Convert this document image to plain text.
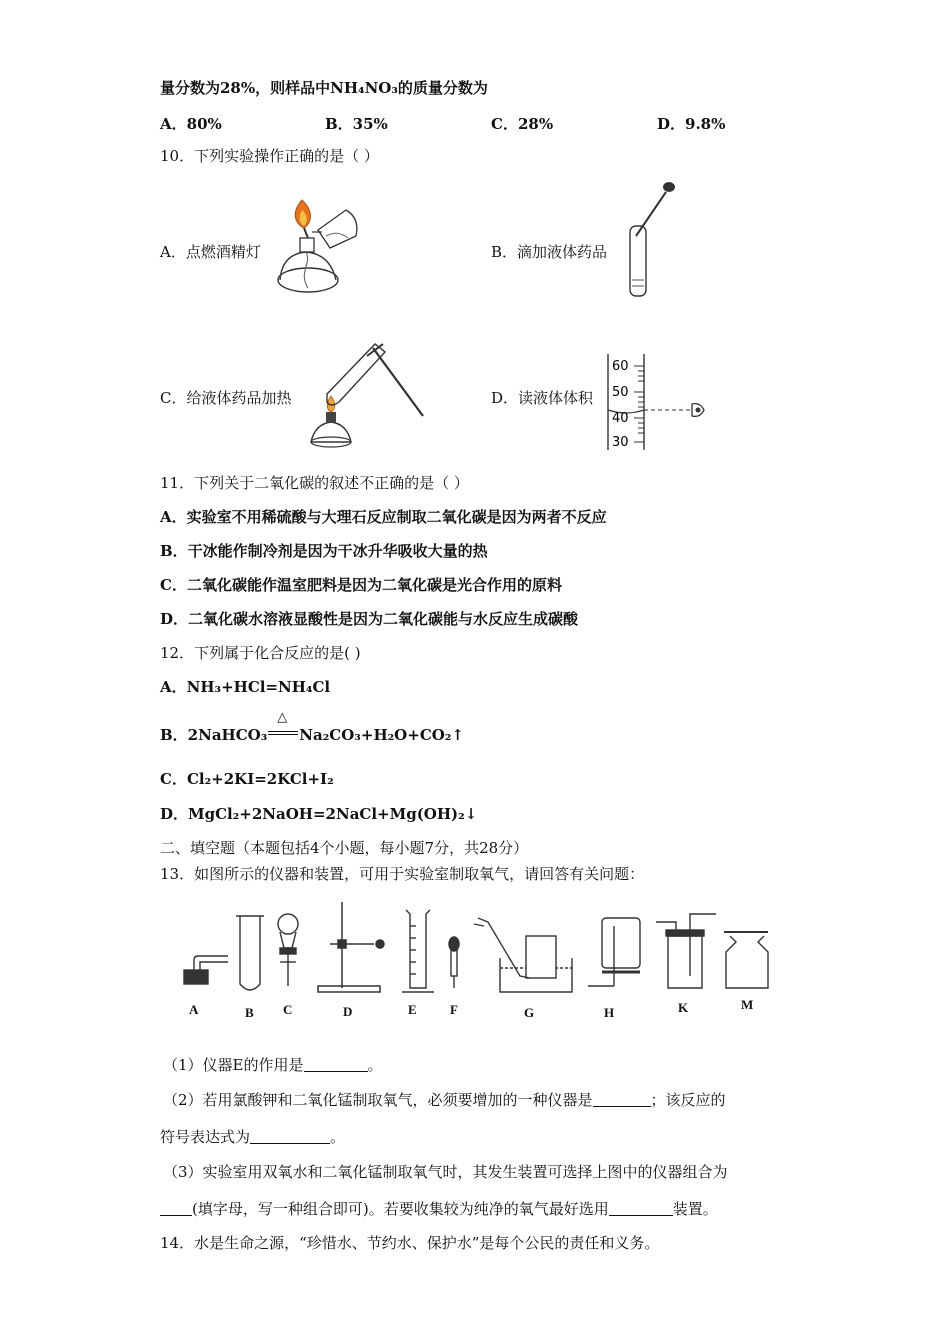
量分数为28%，则样品中NH₄NO₃的质量分数为
A．80%	B．35%	C．28%	D．9.8%
10．下列实验操作正确的是（ ）
A．点燃酒精灯	B．滴加液体药品
C．给液体药品加热	D．读液体体积
60
50
40
30
11．下列关于二氧化碳的叙述不正确的是（ ）
A．实验室不用稀硫酸与大理石反应制取二氧化碳是因为两者不反应
B．干冰能作制冷剂是因为干冰升华吸收大量的热
C．二氧化碳能作温室肥料是因为二氧化碳是光合作用的原料
D．二氧化碳水溶液显酸性是因为二氧化碳能与水反应生成碳酸
12．下列属于化合反应的是( )
A．NH₃+HCl=NH₄Cl
B．2NaHCO₃
△
Na₂CO₃+H₂O+CO₂↑
C．Cl₂+2KI=2KCl+I₂
D．MgCl₂+2NaOH=2NaCl+Mg(OH)₂↓
二、填空题（本题包括4个小题，每小题7分，共28分）
13．如图所示的仪器和装置，可用于实验室制取氧气，请回答有关问题：
A	B C	D	E	F	G	H	K	M
（1）仪器E的作用是	。
（2）若用氯酸钾和二氧化锰制取氧气，必须要增加的一种仪器是	；该反应的
符号表达式为	。
（3）实验室用双氧水和二氧化锰制取氧气时，其发生装置可选择上图中的仪器组合为
(填字母，写一种组合即可)。若要收集较为纯净的氧气最好选用	装置。
14．水是生命之源，“珍惜水、节约水、保护水”是每个公民的责任和义务。
